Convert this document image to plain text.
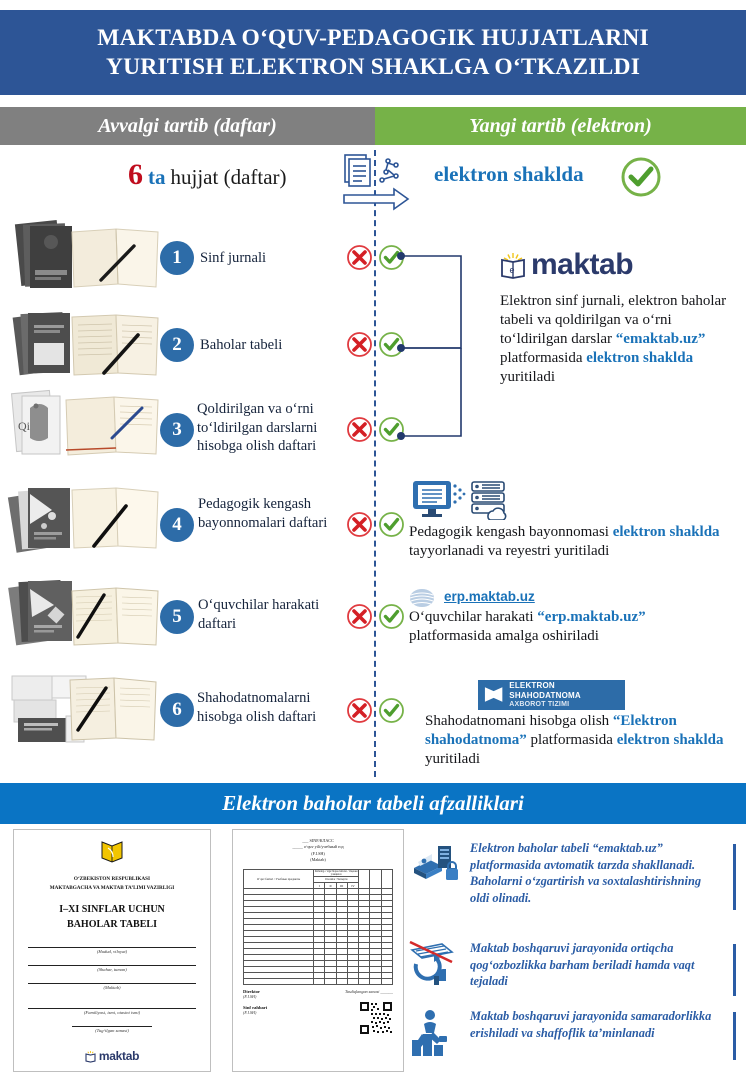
MAKTABDA O‘QUV-PEDAGOGIK HUJJATLARNI
YURITISH ELEKTRON SHAKLGA O‘TKAZILDI
Avvalgi tartib (daftar)	Yangi tartib (elektron)
6 ta hujjat (daftar)	elektron shaklda
1	Sinf jurnali
2	Baholar tabeli
Qi	3
Qoldirilgan va o‘rni to‘ldirilgan darslarni hisobga olish daftari
4
Pedagogik kengash bayonnomalari daftari
5
O‘quvchilar harakati daftari
6
Shahodatnomalarni hisobga olish daftari
e maktab
Elektron sinf jurnali, elektron baholar tabeli va qoldirilgan va o‘rni to‘ldirilgan darslar “emaktab.uz” platformasida elektron shaklda yuritiladi
Pedagogik kengash bayonnomasi elektron shaklda tayyorlanadi va reyestri yuritiladi
erp.maktab.uz
O‘quvchilar harakati “erp.maktab.uz” platformasida amalga oshiriladi
ELEKTRON SHAHODATNOMA
AXBOROT TIZIMI
Shahodatnomani hisobga olish “Elektron shahodatnoma” platformasida elektron shaklda yuritiladi
Elektron baholar tabeli afzalliklari
O‘ZBEKISTON RESPUBLIKASI
MAKTABGACHA VA MAKTAB TA’LIMI VAZIRLIGI
I–XI SINFLAR UCHUN
BAHOLAR TABELI
(Hudud, viloyat)
(Shahar, tuman)
(Maktab)
(Familiyasi, ismi, otasini ismi)
(Tug‘ilgan sanasi)
maktab
___ SINF/КЛАСС
_____ o‘quv yili/учебный год
(F.I.SH)
(Maktab)
O‘quv fanlari / Учебные предметы	Kimning o‘ziga/Чорак baholar / Оценки учащихся						
	Choraklar / Четверти						
	I	II	III	IV			

Direktor
(F.I.SH)
Sinf rahbari
(F.I.SH)
Tasdiqlangan sanasi ______
Elektron baholar tabeli “emaktab.uz” platformasida avtomatik tarzda shakllanadi. Baholarni o‘zgartirish va soxtalashtirishning oldi olinadi.
Maktab boshqaruvi jarayonida ortiqcha qog‘ozbozlikka barham beriladi hamda vaqt tejaladi
Maktab boshqaruvi jarayonida samaradorlikka erishiladi va shaffoflik ta’minlanadi
